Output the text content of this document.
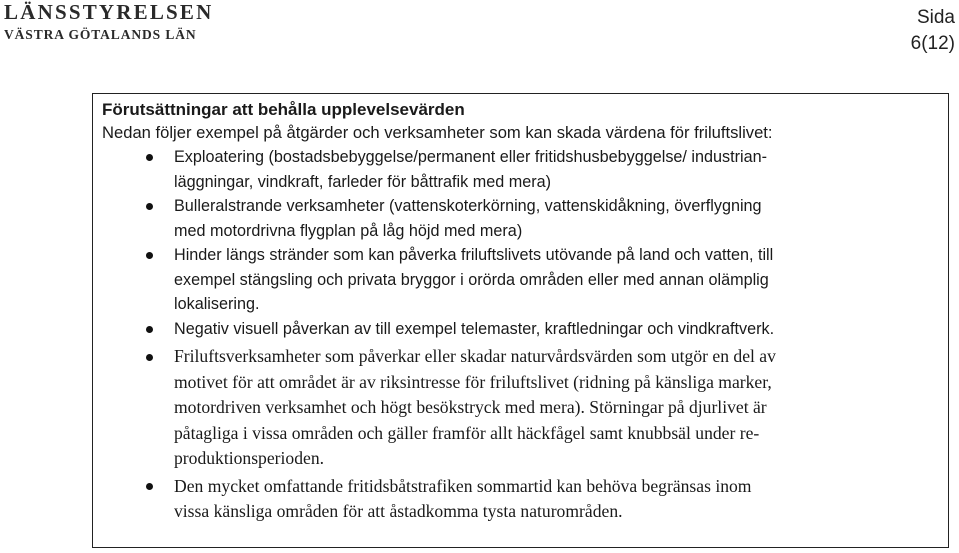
LÄNSSTYRELSEN
VÄSTRA GÖTALANDS LÄN
Sida
6(12)

Förutsättningar att behålla upplevelsevärden

Nedan följer exempel på åtgärder och verksamheter som kan skada värdena för friluftslivet:

Exploatering (bostadsbebyggelse/permanent eller fritidshusbebyggelse/ industrian-
läggningar, vindkraft, farleder för båttrafik med mera)
Bulleralstrande verksamheter (vattenskoterkörning, vattenskidåkning, överflygning
med motordrivna flygplan på låg höjd med mera)
Hinder längs stränder som kan påverka friluftslivets utövande på land och vatten, till
exempel stängsling och privata bryggor i orörda områden eller med annan olämplig
lokalisering.
Negativ visuell påverkan av till exempel telemaster, kraftledningar och vindkraftverk.
Friluftsverksamheter som påverkar eller skadar naturvårdsvärden som utgör en del av
motivet för att området är av riksintresse för friluftslivet (ridning på känsliga marker,
motordriven verksamhet och högt besökstryck med mera). Störningar på djurlivet är
påtagliga i vissa områden och gäller framför allt häckfågel samt knubbsäl under re-
produktionsperioden.
Den mycket omfattande fritidsbåtstrafiken sommartid kan behöva begränsas inom
vissa känsliga områden för att åstadkomma tysta naturområden.
